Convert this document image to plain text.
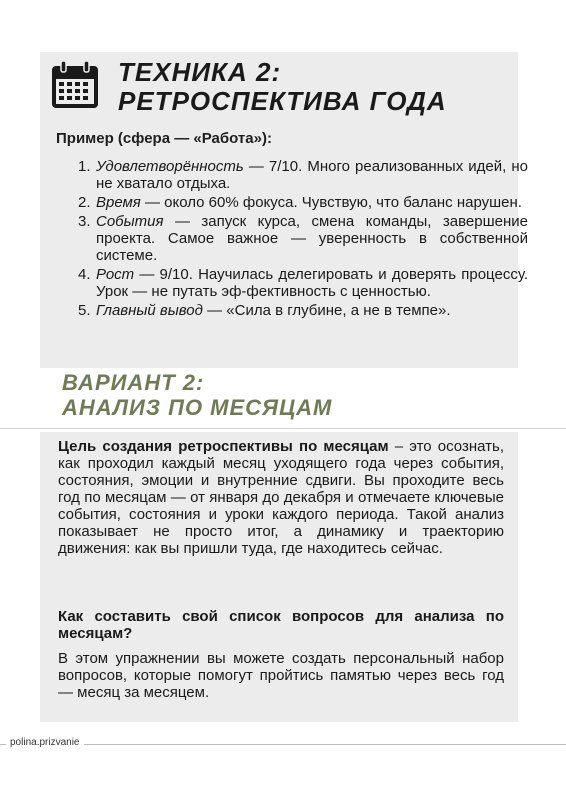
ТЕХНИКА 2:
РЕТРОСПЕКТИВА ГОДА
Пример (сфера — «Работа»):
1. Удовлетворённость — 7/10. Много реализованных идей, но не хватало отдыха.
2. Время — около 60% фокуса. Чувствую, что баланс нарушен.
3. События — запуск курса, смена команды, завершение проекта. Самое важное — уверенность в собственной системе.
4. Рост — 9/10. Научилась делегировать и доверять процессу. Урок — не путать эф-фективность с ценностью.
5. Главный вывод — «Сила в глубине, а не в темпе».
ВАРИАНТ 2:
АНАЛИЗ ПО МЕСЯЦАМ

Цель создания ретроспективы по месяцам – это осознать, как проходил каждый месяц уходящего года через события, состояния, эмоции и внутренние сдвиги. Вы проходите весь год по месяцам — от января до декабря и отмечаете ключевые события, состояния и уроки каждого периода. Такой анализ показывает не просто итог, а динамику и траекторию движения: как вы пришли туда, где находитесь сейчас.

Как составить свой список вопросов для анализа по месяцам?

В этом упражнении вы можете создать персональный набор вопросов, которые помогут пройтись памятью через весь год — месяц за месяцем.

polina.prizvanie
